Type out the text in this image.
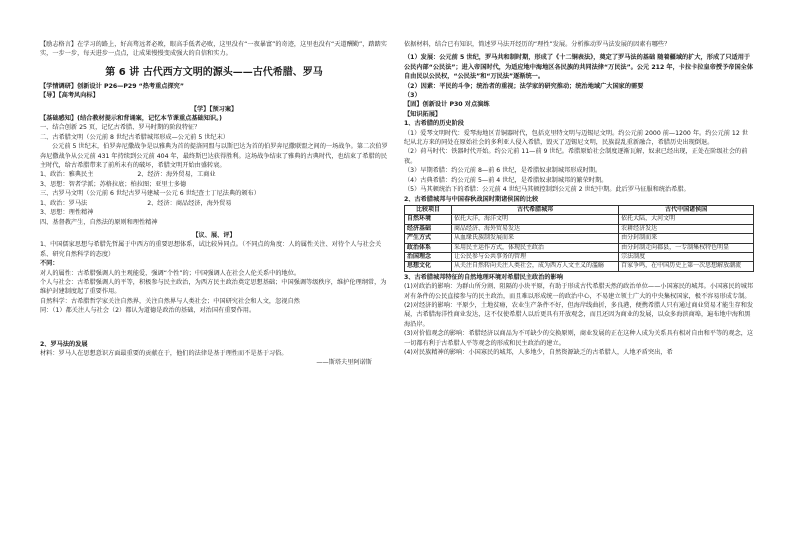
【励志格言】在学习的路上，好高骛远者必败，眼高手低者必败，这里没有“一夜暴富”的奇迹，这里也没有“天道酬勤”，踏踏实实，一步一步，每天进步一点点，让成果慢慢变成强大的自信和实力。

第 6 讲 古代西方文明的源头——古代希腊、罗马

【学情调研】创新设计 P26—P29 “热考重点探究”

【导】【高考风向标】

【学】【预习案】

【基础感知】(结合教材提示和背诵案，记忆本节课重点基础知识。)

一、结合创新 25 页，记忆古希腊、罗马时期的阶段特征？

二、古希腊文明（公元前 8 世纪古希腊城邦形成—公元前 5 世纪末）

公元前 5 世纪末，伯罗奔尼撒战争是以雅典为首的提洛同盟与以斯巴达为首的伯罗奔尼撒联盟之间的一场战争。第二次伯罗奔尼撒战争从公元前 431 年持续到公元前 404 年，最终斯巴达获得胜利。这场战争结束了雅典的古典时代，也结束了希腊的民主时代，给古希腊带来了前所未有的破坏，希腊文明开始由盛转衰。

1、政治：雅典民主	2、经济：海外贸易，工商业

3、思想：智者学派；苏格拉底；柏拉图；亚里士多德

三、古罗马文明（公元前 6 世纪古罗马建城一公元 6 世纪查士丁尼法典的颁布）

1、政治：罗马法	2、经济：商品经济，海外贸易

3、思想：理性精神

四、基督教产生，自然法的原则和理性精神

【议、展、评】

1、中国儒家思想与希腊先哲属于中西方的重要思想体系，试比较异同点。（不同点的角度：人的属性关注、对待个人与社会关系、研究自然科学的态度）

不同：

对人的属性：古希腊强调人的主观能爱，强调“个性”的；中国强调人在社会人伦关系中的地位。

个人与社会：古希腊强调人的平等，积极参与民主政治，为西方民主政治奠定思想基础；中国强调等级秩序，维护伦理纲常，为维护封建制度起了重要作用。

自然科学：古希腊哲学家关注自然界，关注自然界与人类社会；中国研究社会和人文，忽视自然

同：（1）都关注人与社会（2）都认为道德是政治的基础，对治国有重要作用。

2、罗马法的发展

材料：罗马人在思想意识方面最重要的贡献在于，他们的法律是基于理性而不是基于习俗。

——斯塔夫里阿诺斯

依据材料，结合已有知识，简述罗马法开经历的“理性”发展。分析推动罗马法发展的因素有哪些？

（1）发展：公元前 5 世纪，罗马共和制时期，形成了《十二铜表法》，奠定了罗马法的基础 随着疆域的扩大，形成了只适用于公民内部“公民法”；进入帝国时代，为适应地中海地区各民族的共同法律“万民法”。公元 212 年，卡拉卡拉皇帝授予帝国全体自由民以公民权，“公民法”和“万民法”逐渐统一。

（2）因素：平民的斗争；统治者的重视；法学家的研究推动；统治地域广大国家的需要

（3）

【固】创新设计 P30 对点演练

【知识拓展】

1、古希腊的历史阶段

（1）爱琴文明时代：爱琴海地区青铜器时代，包括克里特文明与迈锡尼文明。约公元前 2000 前—1200 年。约公元前 12 世纪从北方来的同处在原始社会的多利亚人侵入希腊，毁灭了迈锡尼文明，民族混乱重新融合，希腊历史出现倒退。

（2）荷马时代：铁器时代开始。约公元前 11—前 9 世纪。希腊原始社会制度逐渐瓦解，奴隶已经出现，正处在阶级社会的前夜。

（3）早期希腊：约公元前 8—前 6 世纪，是希腊奴隶制城邦形成时期。

（4）古典希腊：约公元前 5—前 4 世纪，是希腊奴隶制城邦的繁荣时期。

（5）马其顿统治下的希腊：公元前 4 世纪马其顿控制到公元前 2 世纪中期。此后罗马征服和统治希腊。

2、古希腊城邦与中国春秋战国时期诸侯国的比较

比较项目	古代希腊城邦	古代中国诸侯国
自然环境	依托大洋，海洋文明	依托大陆，大河文明
经济基础	商品经济、海外贸易发达	农耕经济发达
产生方式	从血缘氏族制发展而来	由分封制而来
政治体系	采用民主运作方式，体现民主政治	由分封制走向郡县，一专制集权特色明显
治国理念	让公民参与公共事务的管理	宗法制度
思想文化	从关注自然转向关注人类社会，成为西方人文主义的滥觞	百家争鸣，在中国历史上第一次思想解放潮流

3、古希腊城邦特征的自然地理环境对希腊民主政治的影响

(1)对政治的影响：为群山所分割、阻隔的小块平原，有助于形成古代希腊天然的政治单位——小国寡民的城邦。小国寡民的城邦对有条件的公民直接参与的民主政治，而且难以形成统一的政治中心，不易建立领土广大的中央集权国家，极不容易形成专制。

(2)对经济的影响：平原少，土地贫瘠，农业生产条件不好，但海岸线曲折，多良港，便携希腊人只有通过商业贸易才能生存和发展，古希腊海洋性商业发达，这不仅使希腊人以后更具有开放观念，而且还因为商业的发展，以众多海滨商埠，遍布地中海和黑海沿岸。

(3)对价值观念的影响：希腊经济以商品为不可缺少的交换原则，商业发展的正在这种人成为关系具有相对自由和平等的观念，这一切都有利于古希腊人平等观念的形成和民主政治的建立。

(4)对民族精神的影响：小国寡民的城邦，人多地少，自然资源缺乏的古希腊人，人地矛盾突出，希
